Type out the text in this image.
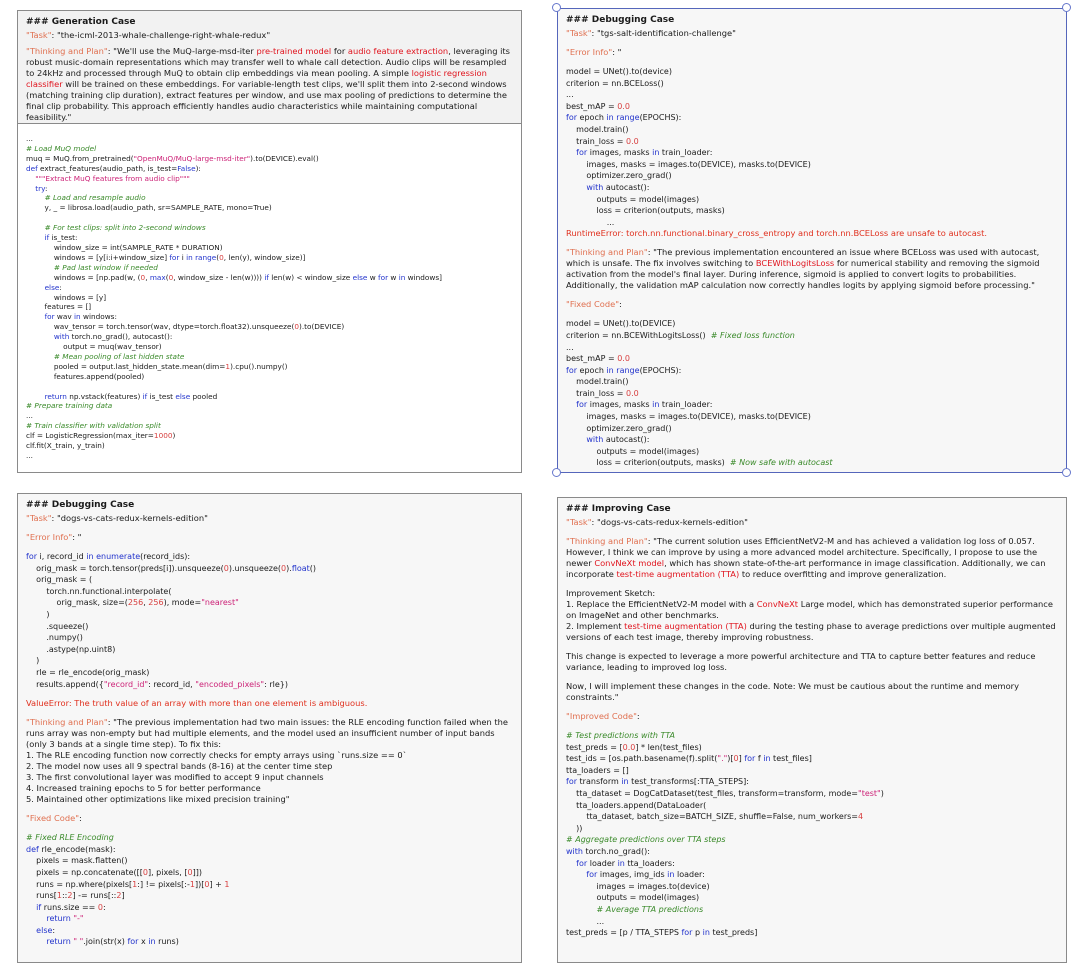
### Generation Case
"Task": "the-icml-2013-whale-challenge-right-whale-redux"
"Thinking and Plan": "We'll use the MuQ-large-msd-iter pre-trained model for audio feature extraction, leveraging its robust music-domain representations which may transfer well to whale call detection. Audio clips will be resampled to 24kHz and processed through MuQ to obtain clip embeddings via mean pooling. A simple logistic regression classifier will be trained on these embeddings. For variable-length test clips, we'll split them into 2-second windows (matching training clip duration), extract features per window, and use max pooling of predictions to determine the final clip probability. This approach efficiently handles audio characteristics while maintaining computational feasibility."
...
# Load MuQ model
muq = MuQ.from_pretrained("OpenMuQ/MuQ-large-msd-iter").to(DEVICE).eval()
def extract_features(audio_path, is_test=False):
"""Extract MuQ features from audio clip"""
try:
# Load and resample audio
y, _ = librosa.load(audio_path, sr=SAMPLE_RATE, mono=True)

# For test clips: split into 2-second windows
if is_test:
window_size = int(SAMPLE_RATE * DURATION)
windows = [y[i:i+window_size] for i in range(0, len(y), window_size)]
# Pad last window if needed
windows = [np.pad(w, (0, max(0, window_size - len(w)))) if len(w) < window_size else w for w in windows]
else:
windows = [y]
features = []
for wav in windows:
wav_tensor = torch.tensor(wav, dtype=torch.float32).unsqueeze(0).to(DEVICE)
with torch.no_grad(), autocast():
output = muq(wav_tensor)
# Mean pooling of last hidden state
pooled = output.last_hidden_state.mean(dim=1).cpu().numpy()
features.append(pooled)

return np.vstack(features) if is_test else pooled
# Prepare training data
...
# Train classifier with validation split
clf = LogisticRegression(max_iter=1000)
clf.fit(X_train, y_train)
...
### Debugging Case
"Task": "tgs-salt-identification-challenge"
"Error Info": "
model = UNet().to(device)
criterion = nn.BCELoss()
...
best_mAP = 0.0
for epoch in range(EPOCHS):
model.train()
train_loss = 0.0
for images, masks in train_loader:
images, masks = images.to(DEVICE), masks.to(DEVICE)
optimizer.zero_grad()
with autocast():
outputs = model(images)
loss = criterion(outputs, masks)
...
RuntimeError: torch.nn.functional.binary_cross_entropy and torch.nn.BCELoss are unsafe to autocast.
"Thinking and Plan": "The previous implementation encountered an issue where BCELoss was used with autocast, which is unsafe. The fix involves switching to BCEWithLogitsLoss for numerical stability and removing the sigmoid activation from the model's final layer. During inference, sigmoid is applied to convert logits to probabilities. Additionally, the validation mAP calculation now correctly handles logits by applying sigmoid before processing."
"Fixed Code":
model = UNet().to(DEVICE)
criterion = nn.BCEWithLogitsLoss()  # Fixed loss function
...
best_mAP = 0.0
for epoch in range(EPOCHS):
model.train()
train_loss = 0.0
for images, masks in train_loader:
images, masks = images.to(DEVICE), masks.to(DEVICE)
optimizer.zero_grad()
with autocast():
outputs = model(images)
loss = criterion(outputs, masks)  # Now safe with autocast
### Debugging Case
"Task": "dogs-vs-cats-redux-kernels-edition"
"Error Info": "
for i, record_id in enumerate(record_ids):
orig_mask = torch.tensor(preds[i]).unsqueeze(0).unsqueeze(0).float()
orig_mask = (
torch.nn.functional.interpolate(
orig_mask, size=(256, 256), mode="nearest"
)
.squeeze()
.numpy()
.astype(np.uint8)
)
rle = rle_encode(orig_mask)
results.append({"record_id": record_id, "encoded_pixels": rle})
ValueError: The truth value of an array with more than one element is ambiguous.
"Thinking and Plan": "The previous implementation had two main issues: the RLE encoding function failed when the runs array was non-empty but had multiple elements, and the model used an insufficient number of input bands (only 3 bands at a single time step). To fix this:
1. The RLE encoding function now correctly checks for empty arrays using `runs.size == 0`
2. The model now uses all 9 spectral bands (8-16) at the center time step
3. The first convolutional layer was modified to accept 9 input channels
4. Increased training epochs to 5 for better performance
5. Maintained other optimizations like mixed precision training"
"Fixed Code":
# Fixed RLE Encoding
def rle_encode(mask):
pixels = mask.flatten()
pixels = np.concatenate([[0], pixels, [0]])
runs = np.where(pixels[1:] != pixels[:-1])[0] + 1
runs[1::2] -= runs[::2]
if runs.size == 0:
return "-"
else:
return " ".join(str(x) for x in runs)
### Improving Case
"Task": "dogs-vs-cats-redux-kernels-edition"
"Thinking and Plan": "The current solution uses EfficientNetV2-M and has achieved a validation log loss of 0.057. However, I think we can improve by using a more advanced model architecture. Specifically, I propose to use the newer ConvNeXt model, which has shown state-of-the-art performance in image classification. Additionally, we can incorporate test-time augmentation (TTA) to reduce overfitting and improve generalization.
Improvement Sketch:
1. Replace the EfficientNetV2-M model with a ConvNeXt Large model, which has demonstrated superior performance on ImageNet and other benchmarks.
2. Implement test-time augmentation (TTA) during the testing phase to average predictions over multiple augmented versions of each test image, thereby improving robustness.
This change is expected to leverage a more powerful architecture and TTA to capture better features and reduce variance, leading to improved log loss.
Now, I will implement these changes in the code. Note: We must be cautious about the runtime and memory constraints."
"Improved Code":
# Test predictions with TTA
test_preds = [0.0] * len(test_files)
test_ids = [os.path.basename(f).split(".")[0] for f in test_files]
tta_loaders = []
for transform in test_transforms[:TTA_STEPS]:
tta_dataset = DogCatDataset(test_files, transform=transform, mode="test")
tta_loaders.append(DataLoader(
tta_dataset, batch_size=BATCH_SIZE, shuffle=False, num_workers=4
))
# Aggregate predictions over TTA steps
with torch.no_grad():
for loader in tta_loaders:
for images, img_ids in loader:
images = images.to(device)
outputs = model(images)
# Average TTA predictions
...
test_preds = [p / TTA_STEPS for p in test_preds]
